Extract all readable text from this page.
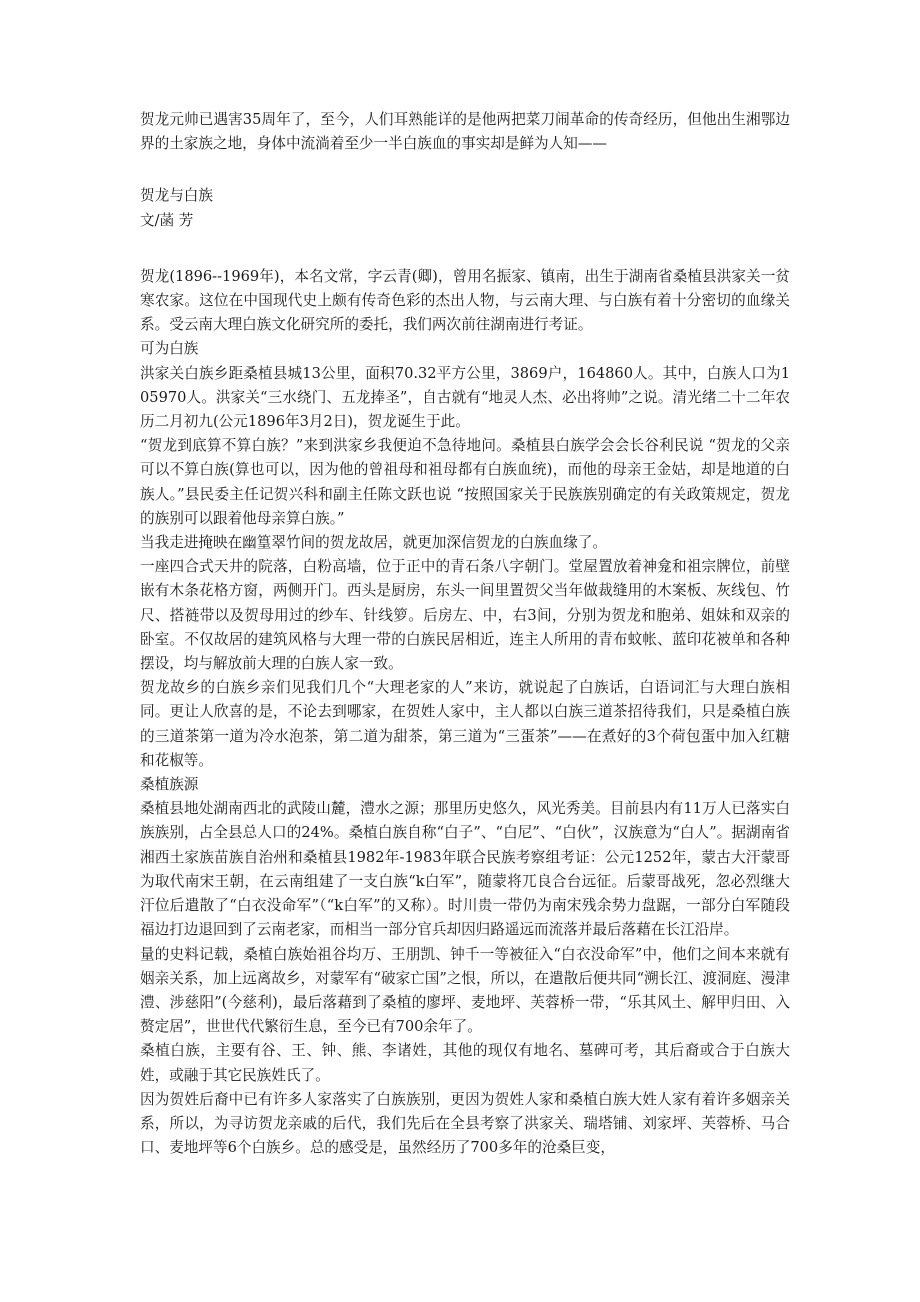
贺龙元帅已遇害35周年了，至今，人们耳熟能详的是他两把菜刀闹革命的传奇经历，但他出生湘鄂边界的土家族之地，身体中流淌着至少一半白族血的事实却是鲜为人知——

贺龙与白族

文/菡 芳

贺龙(1896--1969年)，本名文常，字云青(卿)，曾用名振家、镇南，出生于湖南省桑植县洪家关一贫寒农家。这位在中国现代史上颇有传奇色彩的杰出人物，与云南大理、与白族有着十分密切的血缘关系。受云南大理白族文化研究所的委托，我们两次前往湖南进行考证。

可为白族

洪家关白族乡距桑植县城13公里，面积70.32平方公里，3869户，164860人。其中，白族人口为105970人。洪家关“三水绕门、五龙捧圣”，自古就有“地灵人杰、必出将帅”之说。清光绪二十二年农历二月初九(公元1896年3月2日)，贺龙诞生于此。

“贺龙到底算不算白族？”来到洪家乡我便迫不急待地问。桑植县白族学会会长谷利民说 “贺龙的父亲可以不算白族(算也可以，因为他的曾祖母和祖母都有白族血统)，而他的母亲王金姑，却是地道的白族人。”县民委主任记贺兴科和副主任陈文跃也说 “按照国家关于民族族别确定的有关政策规定，贺龙的族别可以跟着他母亲算白族。”

当我走进掩映在幽篁翠竹间的贺龙故居，就更加深信贺龙的白族血缘了。

一座四合式天井的院落，白粉高墙，位于正中的青石条八字朝门。堂屋置放着神龛和祖宗牌位，前壁嵌有木条花格方窗，两侧开门。西头是厨房，东头一间里置贺父当年做裁缝用的木案板、灰线包、竹尺、搭裢带以及贺母用过的纱车、针线箩。后房左、中，右3间，分别为贺龙和胞弟、姐妹和双亲的卧室。不仅故居的建筑风格与大理一带的白族民居相近，连主人所用的青布蚊帐、蓝印花被单和各种摆设，均与解放前大理的白族人家一致。

贺龙故乡的白族乡亲们见我们几个“大理老家的人”来访，就说起了白族话，白语词汇与大理白族相同。更让人欣喜的是，不论去到哪家，在贺姓人家中，主人都以白族三道茶招待我们，只是桑植白族的三道茶第一道为冷水泡茶，第二道为甜茶，第三道为“三蛋茶”——在煮好的3个荷包蛋中加入红糖和花椒等。

桑植族源

桑植县地处湖南西北的武陵山麓，澧水之源；那里历史悠久，风光秀美。目前县内有11万人已落实白族族别，占全县总人口的24%。桑植白族自称“白子”、“白尼”、“白伙”，汉族意为“白人”。据湖南省湘西土家族苗族自治州和桑植县1982年-1983年联合民族考察组考证：公元1252年，蒙古大汗蒙哥为取代南宋王朝，在云南组建了一支白族“k白军”，随蒙将兀良合台远征。后蒙哥战死，忽必烈继大汗位后遣散了“白衣没命军”（“k白军”的又称）。时川贵一带仍为南宋残余势力盘踞，一部分白军随段福边打边退回到了云南老家，而相当一部分官兵却因归路遥远而流落并最后落藉在长江沿岸。

量的史料记载，桑植白族始祖谷均万、王朋凯、钟千一等被征入“白衣没命军”中，他们之间本来就有姻亲关系，加上远离故乡，对蒙军有“破家亡国”之恨，所以，在遣散后便共同“溯长江、渡洞庭、漫津澧、涉慈阳”(今慈利)，最后落藉到了桑植的廖坪、麦地坪、芙蓉桥一带，“乐其风土、解甲归田、入赘定居”，世世代代繁衍生息，至今已有700余年了。

桑植白族，主要有谷、王、钟、熊、李诸姓，其他的现仅有地名、墓碑可考，其后裔或合于白族大姓，或融于其它民族姓氏了。

因为贺姓后裔中已有许多人家落实了白族族别，更因为贺姓人家和桑植白族大姓人家有着许多姻亲关系，所以，为寻访贺龙亲戚的后代，我们先后在全县考察了洪家关、瑞塔铺、刘家坪、芙蓉桥、马合口、麦地坪等6个白族乡。总的感受是，虽然经历了700多年的沧桑巨变，
